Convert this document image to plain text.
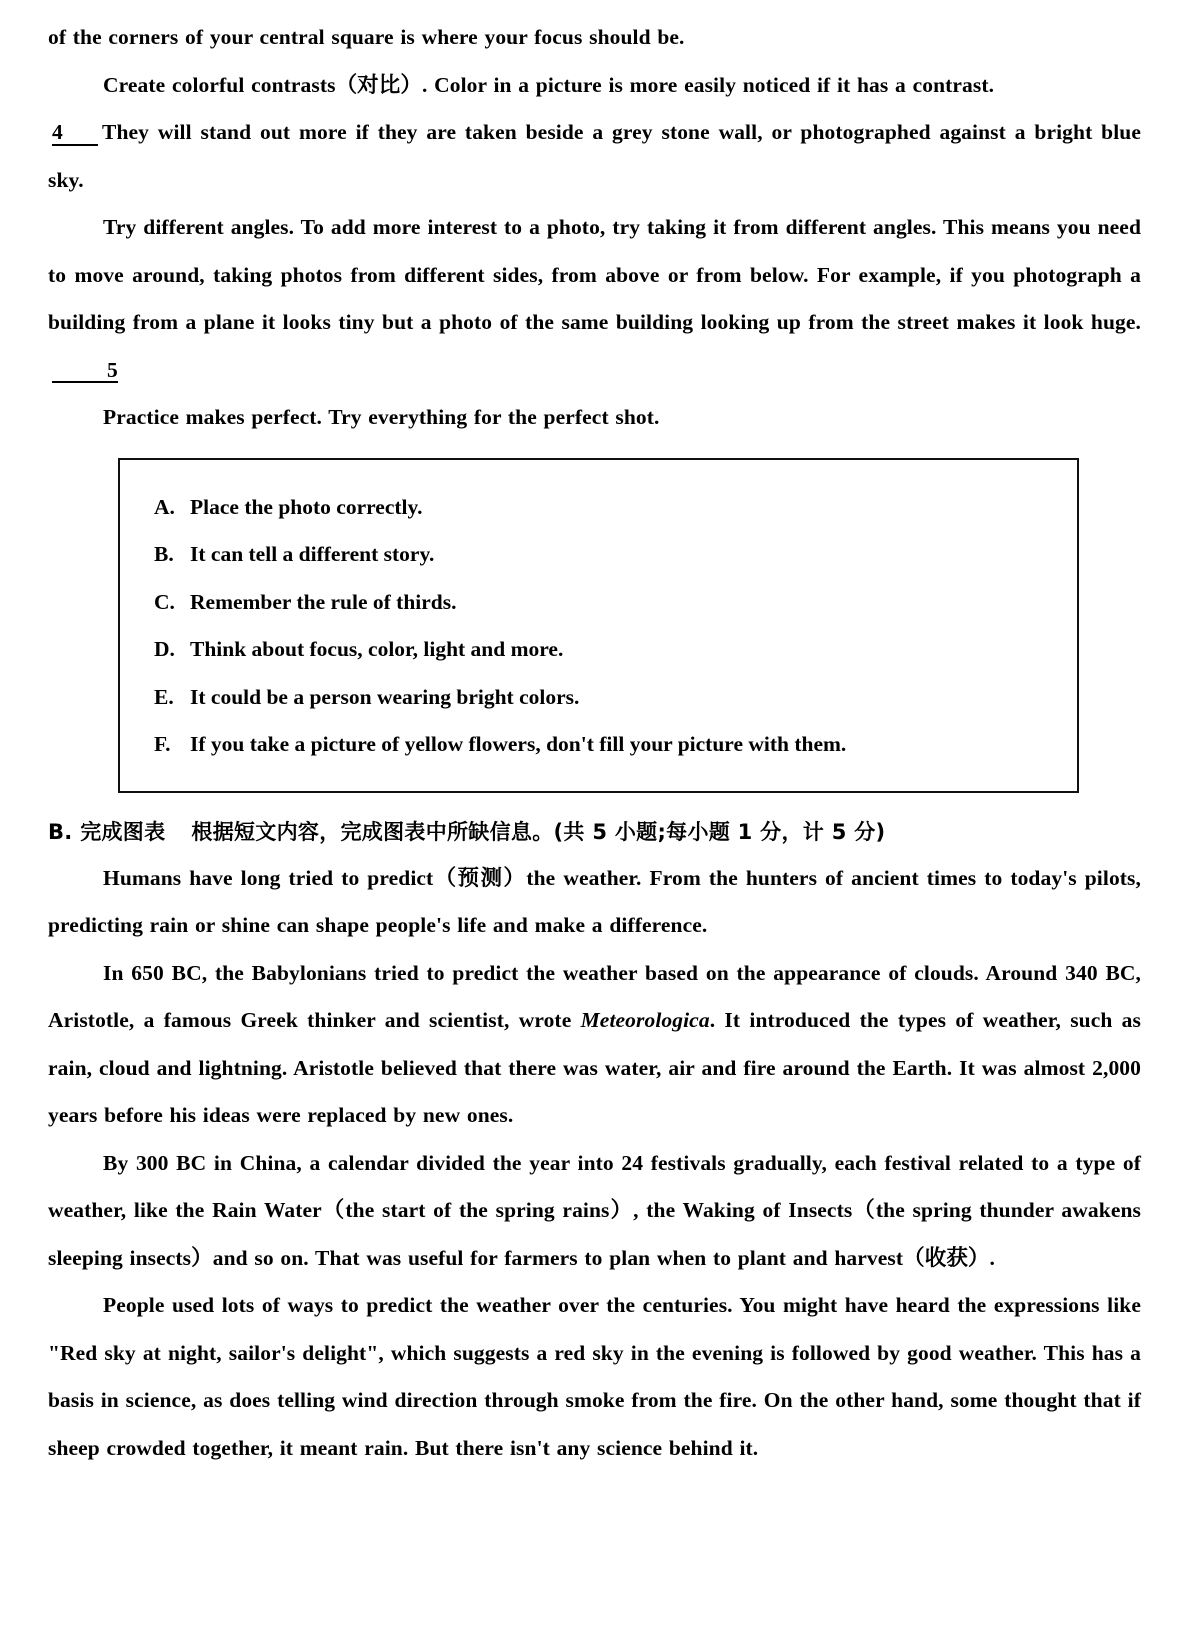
of the corners of your central square is where your focus should be.

Create colorful contrasts（对比）. Color in a picture is more easily noticed if it has a contrast.

4 They will stand out more if they are taken beside a grey stone wall, or photographed against a bright blue sky.

Try different angles. To add more interest to a photo, try taking it from different angles. This means you need to move around, taking photos from different sides, from above or from below. For example, if you photograph a building from a plane it looks tiny but a photo of the same building looking up from the street makes it look huge.5

Practice makes perfect. Try everything for the perfect shot.

A. Place the photo correctly.
B. It can tell a different story.
C. Remember the rule of thirds.
D. Think about focus, color, light and more.
E. It could be a person wearing bright colors.
F. If you take a picture of yellow flowers, don't fill your picture with them.
B. 完成图表 根据短文内容，完成图表中所缺信息。(共 5 小题;每小题 1 分，计 5 分)

Humans have long tried to predict（预测）the weather. From the hunters of ancient times to today's pilots, predicting rain or shine can shape people's life and make a difference.

In 650 BC, the Babylonians tried to predict the weather based on the appearance of clouds. Around 340 BC, Aristotle, a famous Greek thinker and scientist, wrote Meteorologica. It introduced the types of weather, such as rain, cloud and lightning. Aristotle believed that there was water, air and fire around the Earth. It was almost 2,000 years before his ideas were replaced by new ones.

By 300 BC in China, a calendar divided the year into 24 festivals gradually, each festival related to a type of weather, like the Rain Water（the start of the spring rains）, the Waking of Insects（the spring thunder awakens sleeping insects）and so on. That was useful for farmers to plan when to plant and harvest（收获）.

People used lots of ways to predict the weather over the centuries. You might have heard the expressions like "Red sky at night, sailor's delight", which suggests a red sky in the evening is followed by good weather. This has a basis in science, as does telling wind direction through smoke from the fire. On the other hand, some thought that if sheep crowded together, it meant rain. But there isn't any science behind it.
